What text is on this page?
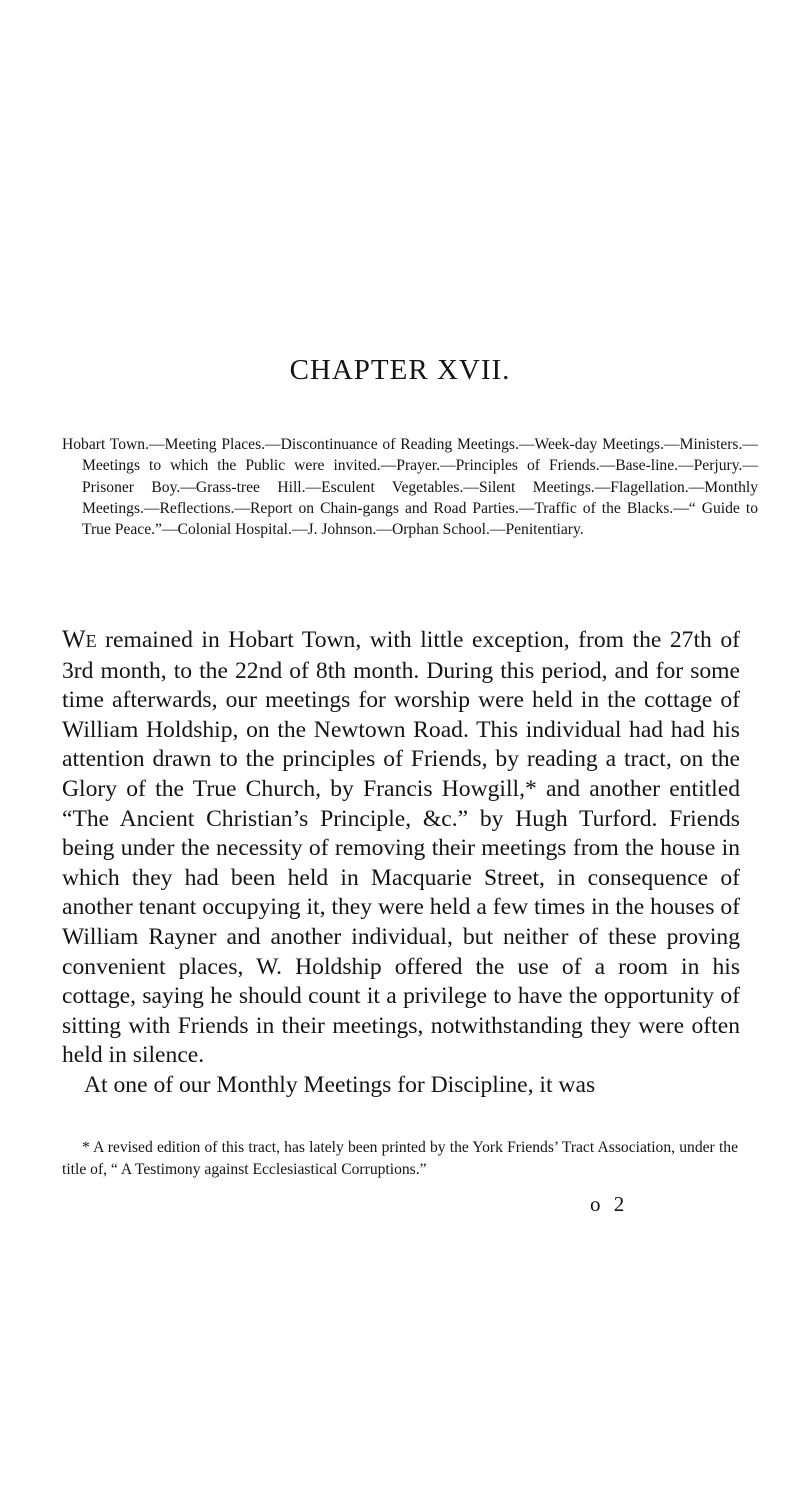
CHAPTER XVII.

Hobart Town.—Meeting Places.—Discontinuance of Reading Meetings.—Week-day Meetings.—Ministers.—Meetings to which the Public were invited.—Prayer.—Principles of Friends.—Base-line.—Perjury.—Prisoner Boy.—Grass-tree Hill.—Esculent Vegetables.—Silent Meetings.—Flagellation.—Monthly Meetings.—Reflections.—Report on Chain-gangs and Road Parties.—Traffic of the Blacks.—“ Guide to True Peace.”—Colonial Hospital.—J. Johnson.—Orphan School.—Penitentiary.

WE remained in Hobart Town, with little exception, from the 27th of 3rd month, to the 22nd of 8th month. During this period, and for some time afterwards, our meetings for worship were held in the cottage of William Holdship, on the Newtown Road. This individual had had his attention drawn to the principles of Friends, by reading a tract, on the Glory of the True Church, by Francis Howgill,* and another entitled “The Ancient Christian’s Principle, &c.” by Hugh Turford. Friends being under the necessity of removing their meetings from the house in which they had been held in Macquarie Street, in consequence of another tenant occupying it, they were held a few times in the houses of William Rayner and another individual, but neither of these proving convenient places, W. Holdship offered the use of a room in his cottage, saying he should count it a privilege to have the opportunity of sitting with Friends in their meetings, notwithstanding they were often held in silence.

At one of our Monthly Meetings for Discipline, it was

* A revised edition of this tract, has lately been printed by the York Friends’ Tract Association, under the title of, “ A Testimony against Ecclesiastical Corruptions.”

o 2
